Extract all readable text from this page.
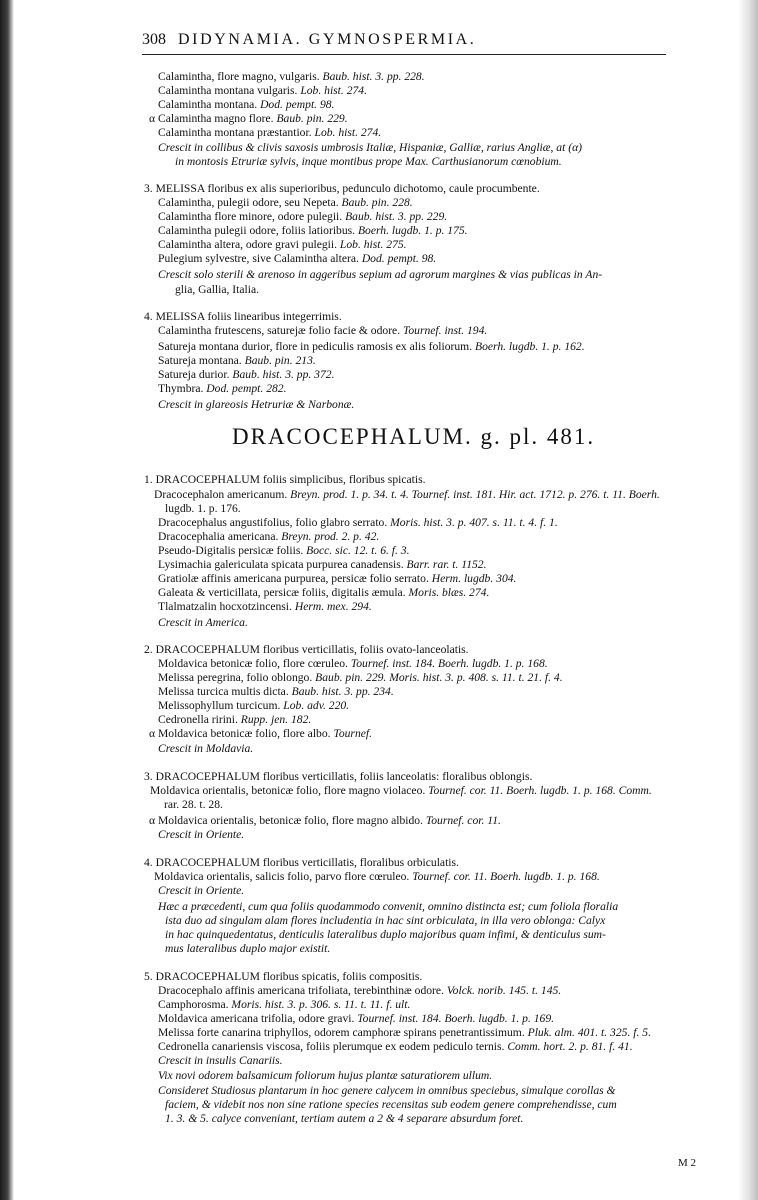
308 DIDYNAMIA. GYMNOSPERMIA.
DRACOCEPHALUM. g. pl. 481.
Calamintha, flore magno, vulgaris. Baub. hist. 3. pp. 228.
Calamintha montana vulgaris. Lob. hist. 274.
Calamintha montana. Dod. pempt. 98.
α Calamintha magno flore. Baub. pin. 229.
Calamintha montana præstantior. Lob. hist. 274.
Crescit in collibus & clivis saxosis umbrosis Italiæ, Hispaniæ, Galliæ, rarius Angliæ, at (α)
in montosis Etruriæ sylvis, inque montibus prope Max. Carthusianorum cœnobium.
3. MELISSA floribus ex alis superioribus, pedunculo dichotomo, caule procumbente.
Calamintha, pulegii odore, seu Nepeta. Baub. pin. 228.
Calamintha flore minore, odore pulegii. Baub. hist. 3. pp. 229.
Calamintha pulegii odore, foliis latioribus. Boerh. lugdb. 1. p. 175.
Calamintha altera, odore gravi pulegii. Lob. hist. 275.
Pulegium sylvestre, sive Calamintha altera. Dod. pempt. 98.
Crescit solo sterili & arenoso in aggeribus sepium ad agrorum margines & vias publicas in An-
glia, Gallia, Italia.
4. MELISSA foliis linearibus integerrimis.
Calamintha frutescens, saturejæ folio facie & odore. Tournef. inst. 194.
Satureja montana durior, flore in pediculis ramosis ex alis foliorum. Boerh. lugdb. 1. p. 162.
Satureja montana. Baub. pin. 213.
Satureja durior. Baub. hist. 3. pp. 372.
Thymbra. Dod. pempt. 282.
Crescit in glareosis Hetruriæ & Narbonæ.
1. DRACOCEPHALUM foliis simplicibus, floribus spicatis.
Dracocephalon americanum. Breyn. prod. 1. p. 34. t. 4. Tournef. inst. 181. Hir. act. 1712. p. 276. t. 11. Boerh.
lugdb. 1. p. 176.
Dracocephalus angustifolius, folio glabro serrato. Moris. hist. 3. p. 407. s. 11. t. 4. f. 1.
Dracocephalia americana. Breyn. prod. 2. p. 42.
Pseudo-Digitalis persicæ foliis. Bocc. sic. 12. t. 6. f. 3.
Lysimachia galericulata spicata purpurea canadensis. Barr. rar. t. 1152.
Gratiolæ affinis americana purpurea, persicæ folio serrato. Herm. lugdb. 304.
Galeata & verticillata, persicæ foliis, digitalis æmula. Moris. blæs. 274.
Tlalmatzalin hocxotzincensi. Herm. mex. 294.
Crescit in America.
2. DRACOCEPHALUM floribus verticillatis, foliis ovato-lanceolatis.
Moldavica betonicæ folio, flore cœruleo. Tournef. inst. 184. Boerh. lugdb. 1. p. 168.
Melissa peregrina, folio oblongo. Baub. pin. 229. Moris. hist. 3. p. 408. s. 11. t. 21. f. 4.
Melissa turcica multis dicta. Baub. hist. 3. pp. 234.
Melissophyllum turcicum. Lob. adv. 220.
Cedronella ririni. Rupp. jen. 182.
α Moldavica betonicæ folio, flore albo. Tournef.
Crescit in Moldavia.
3. DRACOCEPHALUM floribus verticillatis, foliis lanceolatis: floralibus oblongis.
Moldavica orientalis, betonicæ folio, flore magno violaceo. Tournef. cor. 11. Boerh. lugdb. 1. p. 168. Comm.
rar. 28. t. 28.
α Moldavica orientalis, betonicæ folio, flore magno albido. Tournef. cor. 11.
Crescit in Oriente.
4. DRACOCEPHALUM floribus verticillatis, floralibus orbiculatis.
Moldavica orientalis, salicis folio, parvo flore cœruleo. Tournef. cor. 11. Boerh. lugdb. 1. p. 168.
Crescit in Oriente.
Hæc a præcedenti, cum qua foliis quodammodo convenit, omnino distincta est; cum foliola floralia
ista duo ad singulam alam flores includentia in hac sint orbiculata, in illa vero oblonga: Calyx
in hac quinquedentatus, denticulis lateralibus duplo majoribus quam infimi, & denticulus sum-
mus lateralibus duplo major existit.
5. DRACOCEPHALUM floribus spicatis, foliis compositis.
Dracocephalo affinis americana trifoliata, terebinthinæ odore. Volck. norib. 145. t. 145.
Camphorosma. Moris. hist. 3. p. 306. s. 11. t. 11. f. ult.
Moldavica americana trifolia, odore gravi. Tournef. inst. 184. Boerh. lugdb. 1. p. 169.
Melissa forte canarina triphyllos, odorem camphoræ spirans penetrantissimum. Pluk. alm. 401. t. 325. f. 5.
Cedronella canariensis viscosa, foliis plerumque ex eodem pediculo ternis. Comm. hort. 2. p. 81. f. 41.
Crescit in insulis Canariis.
Vix novi odorem balsamicum foliorum hujus plantæ saturatiorem ullum.
Consideret Studiosus plantarum in hoc genere calycem in omnibus speciebus, simulque corollas &
faciem, & videbit nos non sine ratione species recensitas sub eodem genere comprehendisse, cum
1. 3. & 5. calyce conveniant, tertiam autem a 2 & 4 separare absurdum foret.
M 2
